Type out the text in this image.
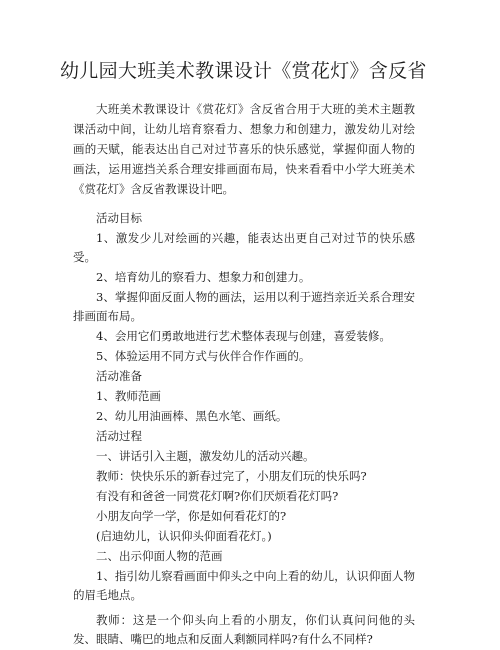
幼儿园大班美术教课设计《赏花灯》含反省

大班美术教课设计《赏花灯》含反省合用于大班的美术主题教课活动中间，让幼儿培育察看力、想象力和创建力，激发幼儿对绘画的天赋，能表达出自己对过节喜乐的快乐感觉，掌握仰面人物的画法，运用遮挡关系合理安排画面布局，快来看看中小学大班美术《赏花灯》含反省教课设计吧。

活动目标

1、激发少儿对绘画的兴趣，能表达出更自己对过节的快乐感受。

2、培育幼儿的察看力、想象力和创建力。

3、掌握仰面反面人物的画法，运用以利于遮挡亲近关系合理安排画面布局。

4、会用它们勇敢地进行艺术整体表现与创建，喜爱装修。

5、体验运用不同方式与伙伴合作作画的。

活动准备

1、教师范画

2、幼儿用油画棒、黑色水笔、画纸。

活动过程

一、讲话引入主题，激发幼儿的活动兴趣。

教师：快快乐乐的新春过完了，小朋友们玩的快乐吗?

有没有和爸爸一同赏花灯啊?你们厌烦看花灯吗?

小朋友向学一学，你是如何看花灯的?

(启迪幼儿，认识仰头仰面看花灯。)

二、出示仰面人物的范画

1、指引幼儿察看画面中仰头之中向上看的幼儿，认识仰面人物的眉毛地点。

教师：这是一个仰头向上看的小朋友，你们认真问问他的头发、眼睛、嘴巴的地点和反面人剩额同样吗?有什么不同样?
